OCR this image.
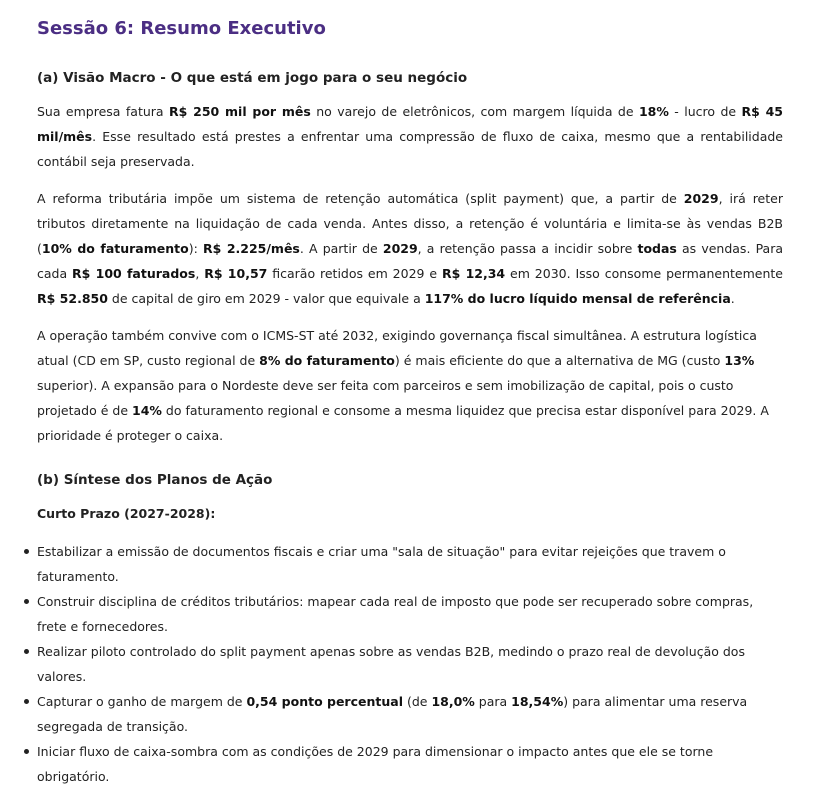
Sessão 6: Resumo Executivo
(a) Visão Macro - O que está em jogo para o seu negócio

Sua empresa fatura R$ 250 mil por mês no varejo de eletrônicos, com margem líquida de 18% - lucro de R$ 45 mil/mês. Esse resultado está prestes a enfrentar uma compressão de fluxo de caixa, mesmo que a rentabilidade contábil seja preservada.

A reforma tributária impõe um sistema de retenção automática (split payment) que, a partir de 2029, irá reter tributos diretamente na liquidação de cada venda. Antes disso, a retenção é voluntária e limita-se às vendas B2B (10% do faturamento): R$ 2.225/mês. A partir de 2029, a retenção passa a incidir sobre todas as vendas. Para cada R$ 100 faturados, R$ 10,57 ficarão retidos em 2029 e R$ 12,34 em 2030. Isso consome permanentemente R$ 52.850 de capital de giro em 2029 - valor que equivale a 117% do lucro líquido mensal de referência.

A operação também convive com o ICMS-ST até 2032, exigindo governança fiscal simultânea. A estrutura logística atual (CD em SP, custo regional de 8% do faturamento) é mais eficiente do que a alternativa de MG (custo 13% superior). A expansão para o Nordeste deve ser feita com parceiros e sem imobilização de capital, pois o custo projetado é de 14% do faturamento regional e consome a mesma liquidez que precisa estar disponível para 2029. A prioridade é proteger o caixa.

(b) Síntese dos Planos de Ação
Curto Prazo (2027-2028):
Estabilizar a emissão de documentos fiscais e criar uma "sala de situação" para evitar rejeições que travem o faturamento.
Construir disciplina de créditos tributários: mapear cada real de imposto que pode ser recuperado sobre compras, frete e fornecedores.
Realizar piloto controlado do split payment apenas sobre as vendas B2B, medindo o prazo real de devolução dos valores.
Capturar o ganho de margem de 0,54 ponto percentual (de 18,0% para 18,54%) para alimentar uma reserva segregada de transição.
Iniciar fluxo de caixa-sombra com as condições de 2029 para dimensionar o impacto antes que ele se torne obrigatório.
